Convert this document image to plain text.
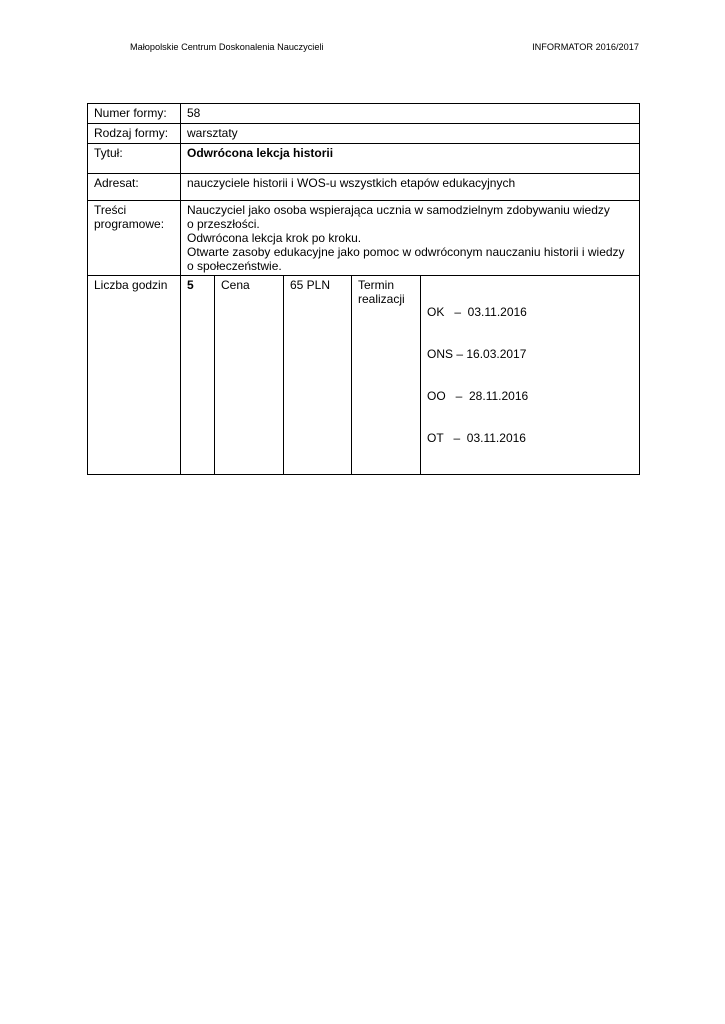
Małopolskie Centrum Doskonalenia Nauczycieli	INFORMATOR 2016/2017
Numer formy:	58				
Rodzaj formy:	warsztaty				
Tytuł:	Odwrócona lekcja historii				
Adresat:	nauczyciele historii i WOS-u wszystkich etapów edukacyjnych				

Treści
programowe:	Nauczyciel jako osoba wspierająca ucznia w samodzielnym zdobywaniu wiedzy
o przeszłości.
Odwrócona lekcja krok po kroku.
Otwarte zasoby edukacyjne jako pomoc w odwróconym nauczaniu historii i wiedzy
o społeczeństwie.				

Liczba godzin	5	Cena	65 PLN	Termin
realizacji	OK   –  03.11.2016

ONS – 16.03.2017

OO   –  28.11.2016

OT   –  03.11.2016
